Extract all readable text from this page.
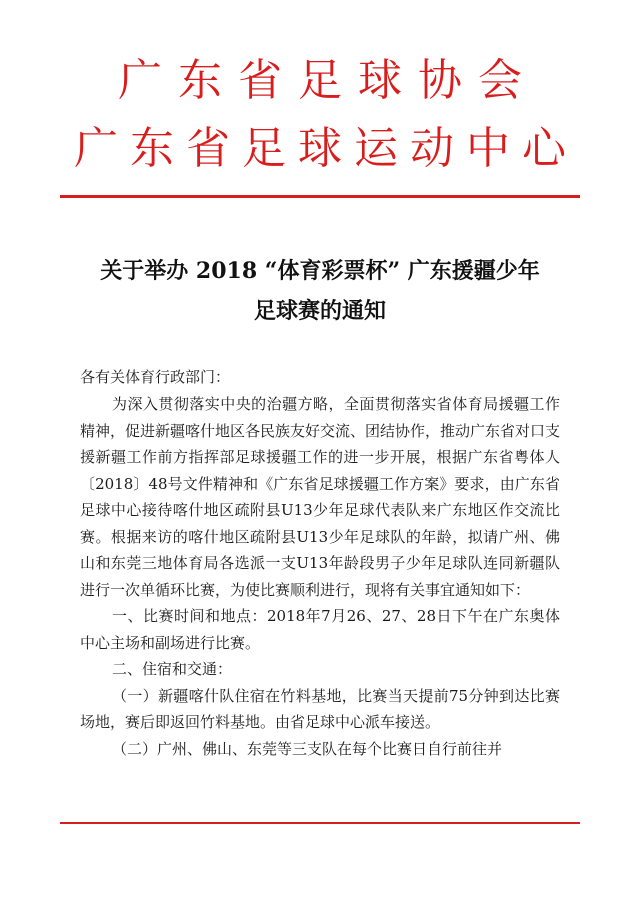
广东省足球协会
广东省足球运动中心
关于举办 2018 “体育彩票杯” 广东援疆少年
足球赛的通知
各有关体育行政部门：

为深入贯彻落实中央的治疆方略，全面贯彻落实省体育局援疆工作精神，促进新疆喀什地区各民族友好交流、团结协作，推动广东省对口支援新疆工作前方指挥部足球援疆工作的进一步开展，根据广东省粤体人〔2018〕48号文件精神和《广东省足球援疆工作方案》要求，由广东省足球中心接待喀什地区疏附县U13少年足球代表队来广东地区作交流比赛。根据来访的喀什地区疏附县U13少年足球队的年龄，拟请广州、佛山和东莞三地体育局各选派一支U13年龄段男子少年足球队连同新疆队进行一次单循环比赛，为使比赛顺利进行，现将有关事宜通知如下：

一、比赛时间和地点：2018年7月26、27、28日下午在广东奥体中心主场和副场进行比赛。

二、住宿和交通：

（一）新疆喀什队住宿在竹料基地，比赛当天提前75分钟到达比赛场地，赛后即返回竹料基地。由省足球中心派车接送。

（二）广州、佛山、东莞等三支队在每个比赛日自行前往并
